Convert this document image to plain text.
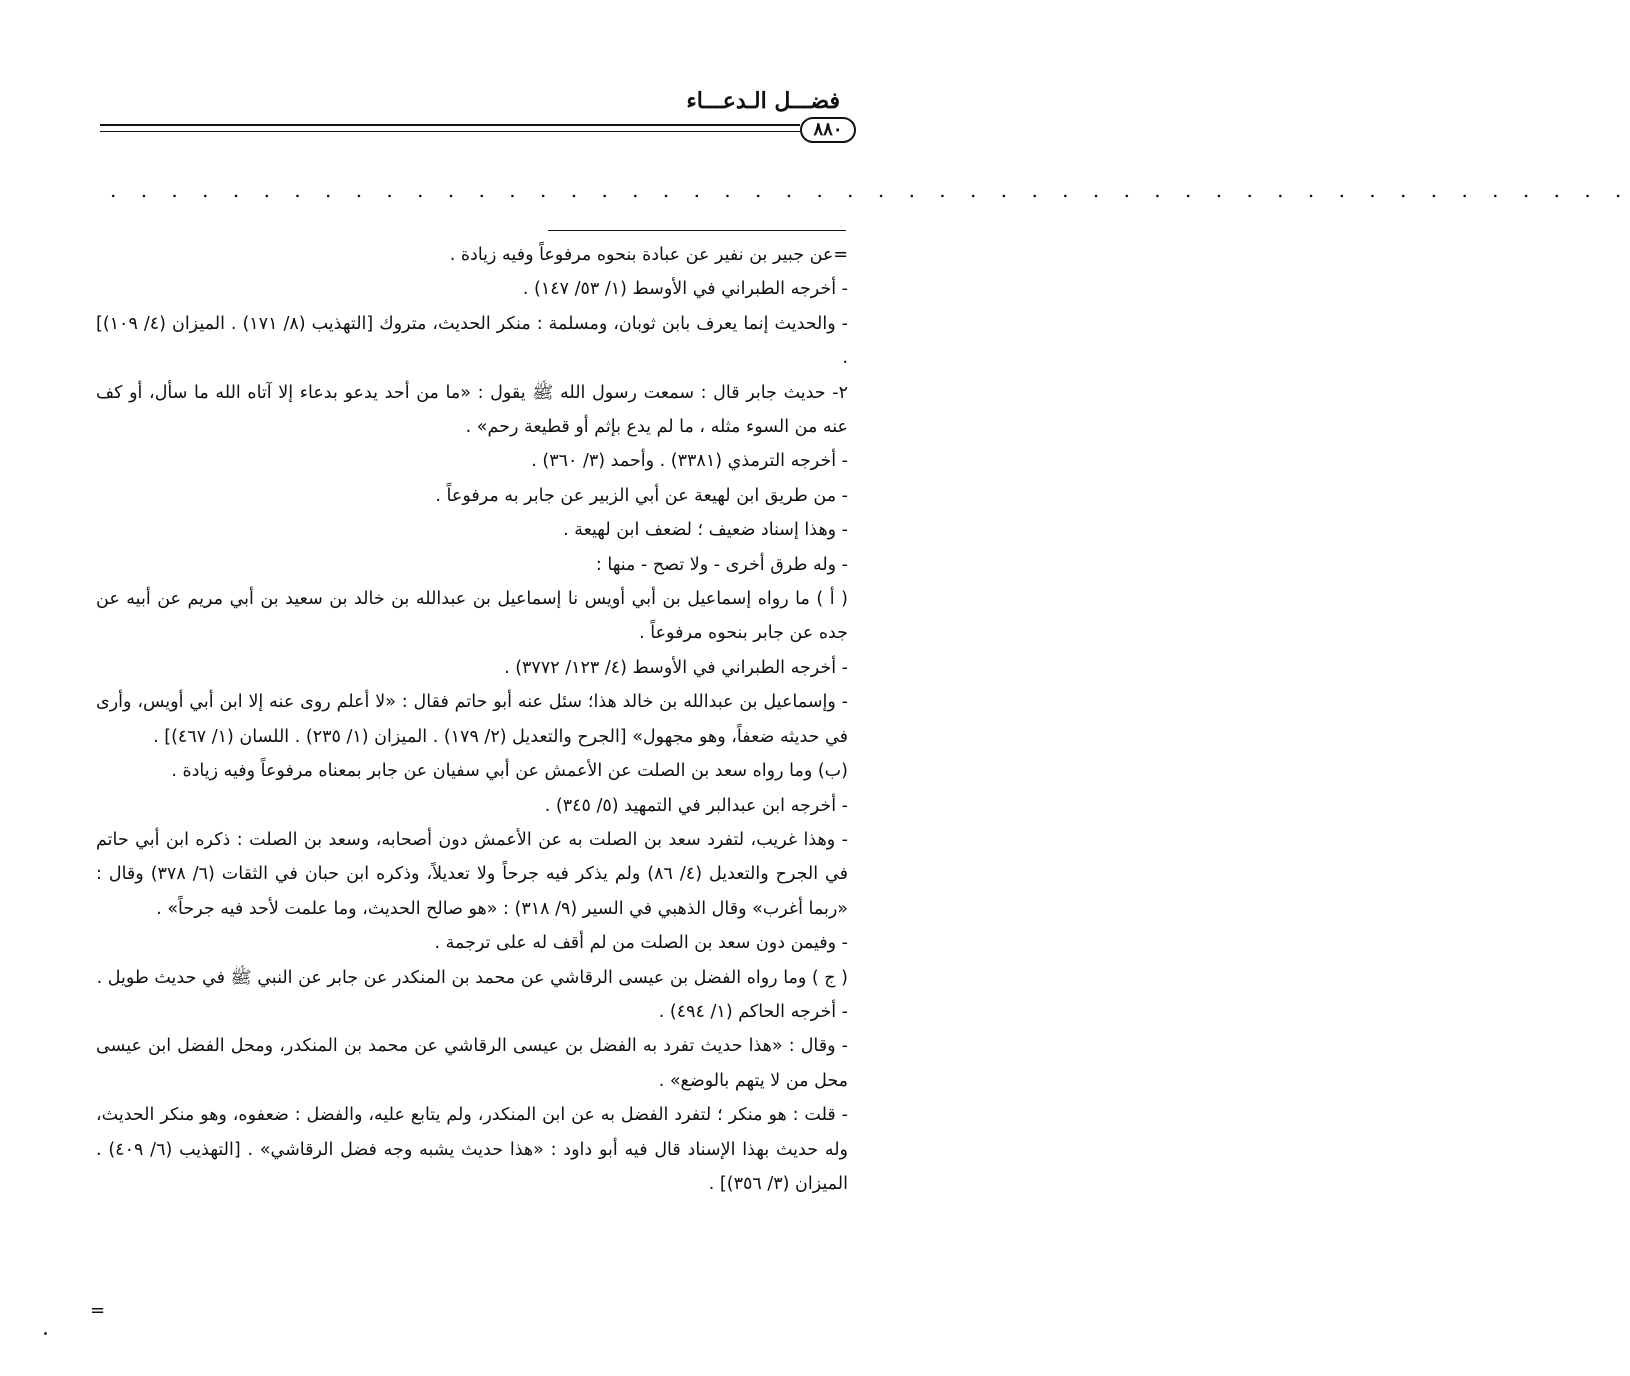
فضـــل الـدعـــاء
٨٨٠
. . . . . . . . . . . . . . . . . . . . . . . . . . . . . . . . . . . . . . . . . . . . . . . . . .

=عن جبير بن نفير عن عبادة بنحوه مرفوعاً وفيه زيادة .

- أخرجه الطبراني في الأوسط (١/ ٥٣/ ١٤٧) .

- والحديث إنما يعرف بابن ثوبان، ومسلمة : منكر الحديث، متروك [التهذيب (٨/ ١٧١) . الميزان (٤/ ١٠٩)] .

٢- حديث جابر قال : سمعت رسول الله ﷺ يقول : «ما من أحد يدعو بدعاء إلا آتاه الله ما سأل، أو كف عنه من السوء مثله ، ما لم يدع بإثم أو قطيعة رحم» .

- أخرجه الترمذي (٣٣٨١) . وأحمد (٣/ ٣٦٠) .

- من طريق ابن لهيعة عن أبي الزبير عن جابر به مرفوعاً .

- وهذا إسناد ضعيف ؛ لضعف ابن لهيعة .

- وله طرق أخرى - ولا تصح - منها :

( أ ) ما رواه إسماعيل بن أبي أويس نا إسماعيل بن عبدالله بن خالد بن سعيد بن أبي مريم عن أبيه عن جده عن جابر بنحوه مرفوعاً .

- أخرجه الطبراني في الأوسط (٤/ ١٢٣/ ٣٧٧٢) .

- وإسماعيل بن عبدالله بن خالد هذا؛ سئل عنه أبو حاتم فقال : «لا أعلم روى عنه إلا ابن أبي أويس، وأرى في حديثه ضعفاً، وهو مجهول» [الجرح والتعديل (٢/ ١٧٩) . الميزان (١/ ٢٣٥) . اللسان (١/ ٤٦٧)] .

(ب) وما رواه سعد بن الصلت عن الأعمش عن أبي سفيان عن جابر بمعناه مرفوعاً وفيه زيادة .

- أخرجه ابن عبدالبر في التمهيد (٥/ ٣٤٥) .

- وهذا غريب، لتفرد سعد بن الصلت به عن الأعمش دون أصحابه، وسعد بن الصلت : ذكره ابن أبي حاتم في الجرح والتعديل (٤/ ٨٦) ولم يذكر فيه جرحاً ولا تعديلاً، وذكره ابن حبان في الثقات (٦/ ٣٧٨) وقال : «ربما أغرب» وقال الذهبي في السير (٩/ ٣١٨) : «هو صالح الحديث، وما علمت لأحد فيه جرحاً» .

- وفيمن دون سعد بن الصلت من لم أقف له على ترجمة .

( ج ) وما رواه الفضل بن عيسى الرقاشي عن محمد بن المنكدر عن جابر عن النبي ﷺ في حديث طويل .

- أخرجه الحاكم (١/ ٤٩٤) .

- وقال : «هذا حديث تفرد به الفضل بن عيسى الرقاشي عن محمد بن المنكدر، ومحل الفضل ابن عيسى محل من لا يتهم بالوضع» .

- قلت : هو منكر ؛ لتفرد الفضل به عن ابن المنكدر، ولم يتابع عليه، والفضل : ضعفوه، وهو منكر الحديث، وله حديث بهذا الإسناد قال فيه أبو داود : «هذا حديث يشبه وجه فضل الرقاشي» . [التهذيب (٦/ ٤٠٩) . الميزان (٣/ ٣٥٦)] .

=
